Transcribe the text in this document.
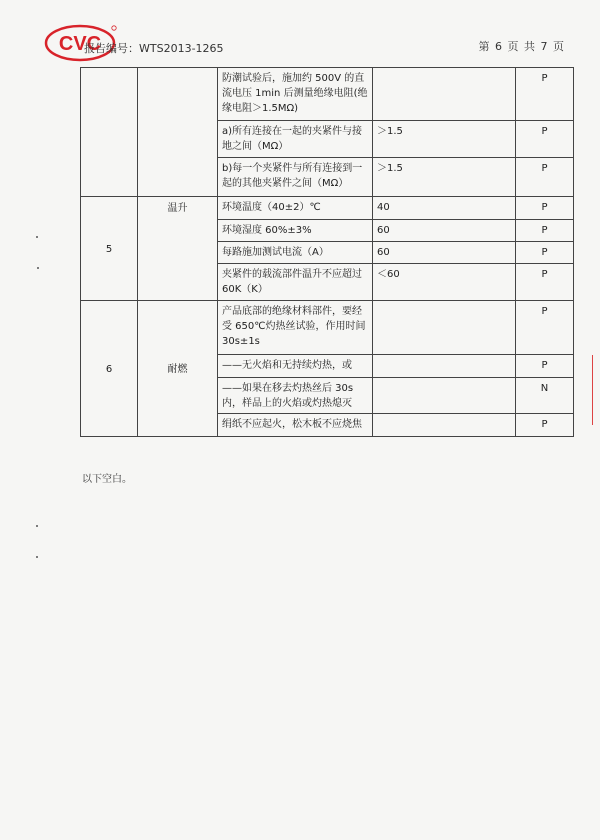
CVC
报告编号：WTS2013-1265	第 6 页 共 7 页
		防潮试验后，施加约 500V 的直流电压 1min 后测量绝缘电阻(绝缘电阻＞1.5MΩ)		P
		a)所有连接在一起的夹紧件与接地之间（MΩ）	＞1.5	P
		b)每一个夹紧件与所有连接到一起的其他夹紧件之间（MΩ）	＞1.5	P
5	温升	环境温度（40±2）℃	40	P
		环境湿度 60%±3%	60	P
		每路施加测试电流（A）	60	P
		夹紧件的载流部件温升不应超过 60K（K）	＜60	P
6	耐燃	产品底部的绝缘材料部件，要经受 650℃灼热丝试验，作用时间 30s±1s		P
		——无火焰和无持续灼热，或		P
		——如果在移去灼热丝后 30s 内，样品上的火焰或灼热熄灭		N
		绢纸不应起火，松木板不应烧焦		P
以下空白。
